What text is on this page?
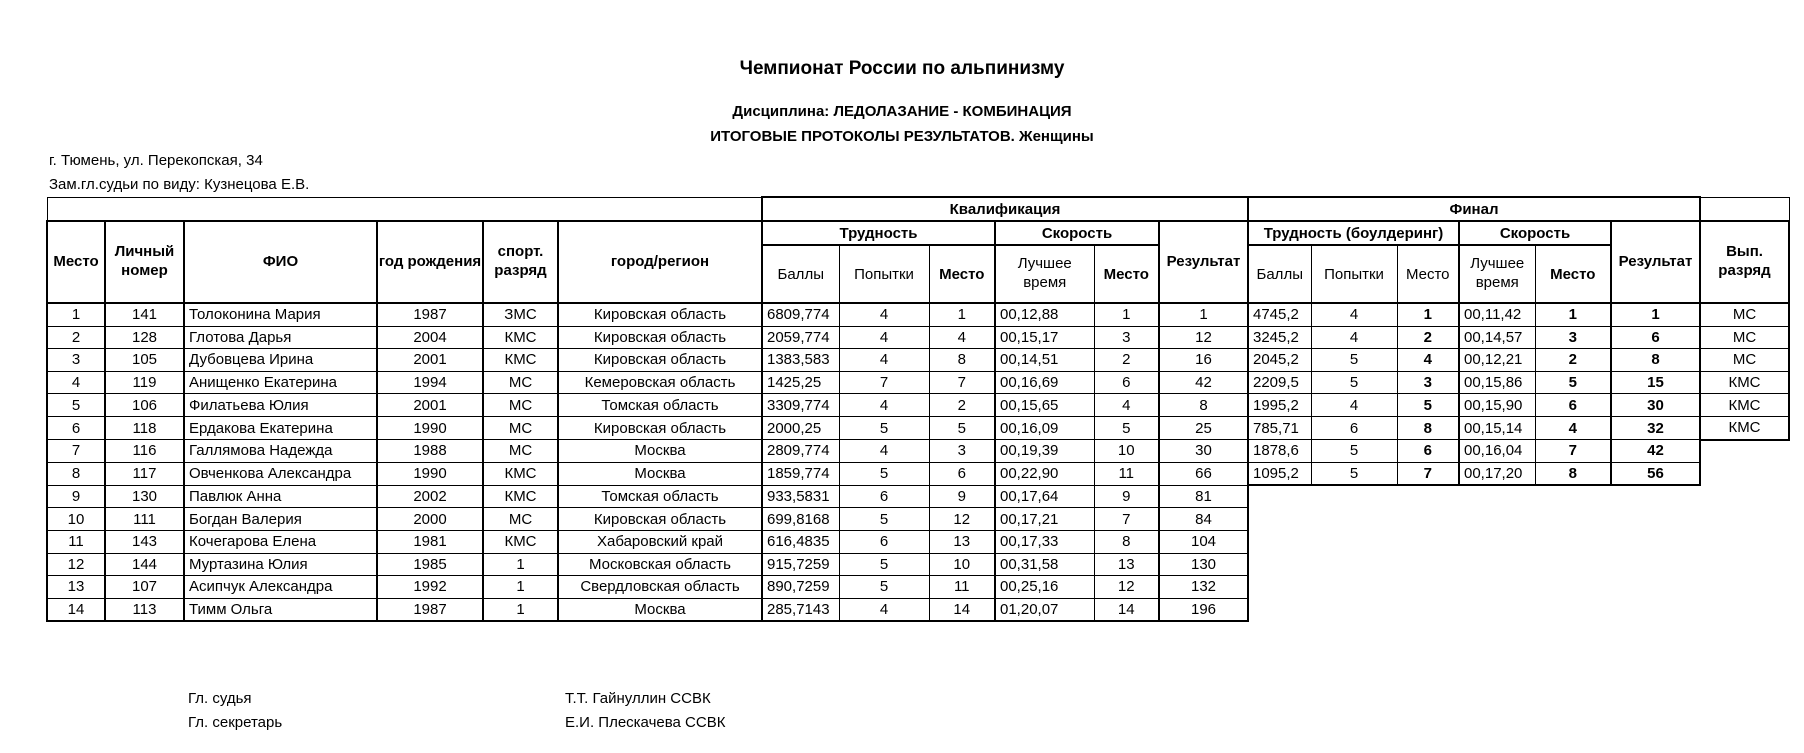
Чемпионат России по альпинизму
Дисциплина: ЛЕДОЛАЗАНИЕ - КОМБИНАЦИЯ
ИТОГОВЫЕ ПРОТОКОЛЫ РЕЗУЛЬТАТОВ. Женщины
г. Тюмень, ул. Перекопская, 34
Зам.гл.судьи по виду: Кузнецова Е.В.
						Квалификация						Финал						
Место	Личный номер	ФИО	год рождения	спорт. разряд	город/регион	Трудность			Скорость		Результат	Трудность (боулдеринг)			Скорость		Результат	Вып. разряд
						Баллы	Попытки	Место	Лучшее время	Место		Баллы	Попытки	Место	Лучшее время	Место		
1	141	Толоконина Мария	1987	ЗМС	Кировская область	6809,774	4	1	00,12,88	1	1	4745,2	4	1	00,11,42	1	1	МС
2	128	Глотова Дарья	2004	КМС	Кировская область	2059,774	4	4	00,15,17	3	12	3245,2	4	2	00,14,57	3	6	МС
3	105	Дубовцева Ирина	2001	КМС	Кировская область	1383,583	4	8	00,14,51	2	16	2045,2	5	4	00,12,21	2	8	МС
4	119	Анищенко Екатерина	1994	МС	Кемеровская область	1425,25	7	7	00,16,69	6	42	2209,5	5	3	00,15,86	5	15	КМС
5	106	Филатьева Юлия	2001	МС	Томская область	3309,774	4	2	00,15,65	4	8	1995,2	4	5	00,15,90	6	30	КМС
6	118	Ердакова Екатерина	1990	МС	Кировская область	2000,25	5	5	00,16,09	5	25	785,71	6	8	00,15,14	4	32	КМС
7	116	Галлямова Надежда	1988	МС	Москва	2809,774	4	3	00,19,39	10	30	1878,6	5	6	00,16,04	7	42	
8	117	Овченкова Александра	1990	КМС	Москва	1859,774	5	6	00,22,90	11	66	1095,2	5	7	00,17,20	8	56	
9	130	Павлюк Анна	2002	КМС	Томская область	933,5831	6	9	00,17,64	9	81							
10	111	Богдан Валерия	2000	МС	Кировская область	699,8168	5	12	00,17,21	7	84							
11	143	Кочегарова Елена	1981	КМС	Хабаровский край	616,4835	6	13	00,17,33	8	104							
12	144	Муртазина Юлия	1985	1	Московская область	915,7259	5	10	00,31,58	13	130							
13	107	Асипчук Александра	1992	1	Свердловская область	890,7259	5	11	00,25,16	12	132							
14	113	Тимм Ольга	1987	1	Москва	285,7143	4	14	01,20,07	14	196							
Гл. судья	Т.Т. Гайнуллин ССВК
Гл. секретарь	Е.И. Плескачева ССВК
